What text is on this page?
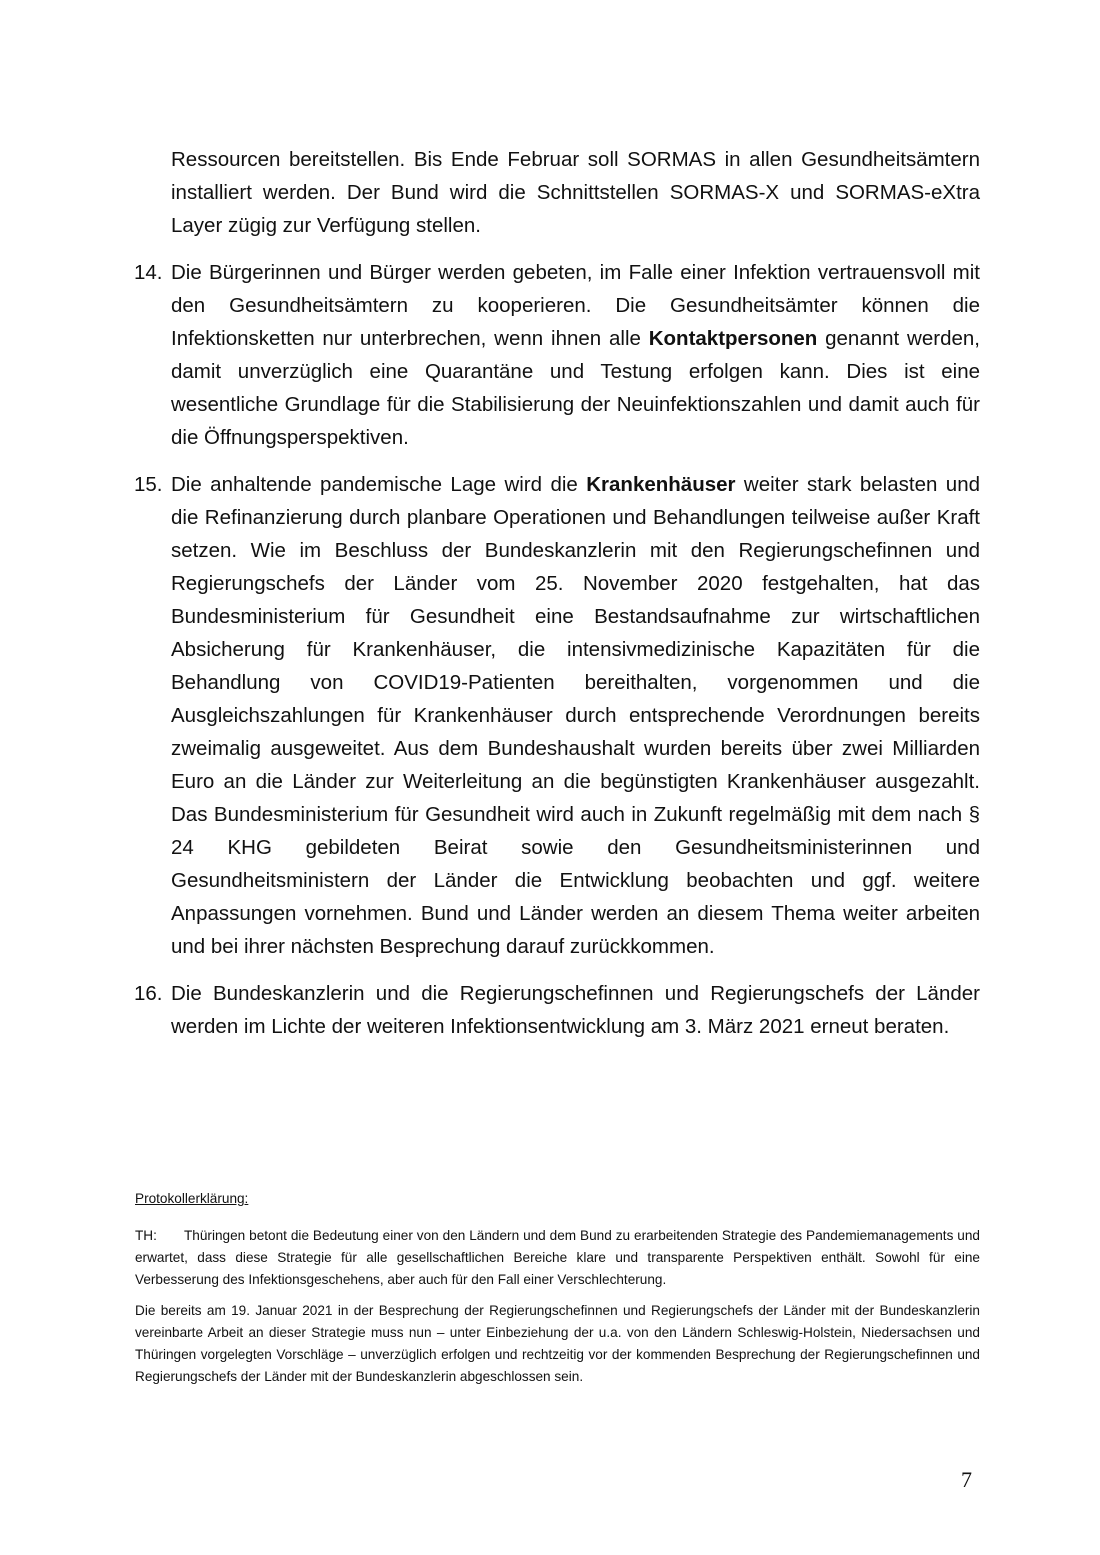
Ressourcen bereitstellen. Bis Ende Februar soll SORMAS in allen Gesundheitsämtern installiert werden. Der Bund wird die Schnittstellen SORMAS-X und SORMAS-eXtra Layer zügig zur Verfügung stellen.

14. Die Bürgerinnen und Bürger werden gebeten, im Falle einer Infektion vertrauensvoll mit den Gesundheitsämtern zu kooperieren. Die Gesundheitsämter können die Infektionsketten nur unterbrechen, wenn ihnen alle Kontaktpersonen genannt werden, damit unverzüglich eine Quarantäne und Testung erfolgen kann. Dies ist eine wesentliche Grundlage für die Stabilisierung der Neuinfektionszahlen und damit auch für die Öffnungsperspektiven.

15. Die anhaltende pandemische Lage wird die Krankenhäuser weiter stark belasten und die Refinanzierung durch planbare Operationen und Behandlungen teilweise außer Kraft setzen. Wie im Beschluss der Bundeskanzlerin mit den Regierungschefinnen und Regierungschefs der Länder vom 25. November 2020 festgehalten, hat das Bundesministerium für Gesundheit eine Bestandsaufnahme zur wirtschaftlichen Absicherung für Krankenhäuser, die intensivmedizinische Kapazitäten für die Behandlung von COVID19-Patienten bereithalten, vorgenommen und die Ausgleichszahlungen für Krankenhäuser durch entsprechende Verordnungen bereits zweimalig ausgeweitet. Aus dem Bundeshaushalt wurden bereits über zwei Milliarden Euro an die Länder zur Weiterleitung an die begünstigten Krankenhäuser ausgezahlt. Das Bundesministerium für Gesundheit wird auch in Zukunft regelmäßig mit dem nach § 24 KHG gebildeten Beirat sowie den Gesundheitsministerinnen und Gesundheitsministern der Länder die Entwicklung beobachten und ggf. weitere Anpassungen vornehmen. Bund und Länder werden an diesem Thema weiter arbeiten und bei ihrer nächsten Besprechung darauf zurückkommen.

16. Die Bundeskanzlerin und die Regierungschefinnen und Regierungschefs der Länder werden im Lichte der weiteren Infektionsentwicklung am 3. März 2021 erneut beraten.

Protokollerklärung:

TH: Thüringen betont die Bedeutung einer von den Ländern und dem Bund zu erarbeitenden Strategie des Pandemiemanagements und erwartet, dass diese Strategie für alle gesellschaftlichen Bereiche klare und transparente Perspektiven enthält. Sowohl für eine Verbesserung des Infektionsgeschehens, aber auch für den Fall einer Verschlechterung.

Die bereits am 19. Januar 2021 in der Besprechung der Regierungschefinnen und Regierungschefs der Länder mit der Bundeskanzlerin vereinbarte Arbeit an dieser Strategie muss nun – unter Einbeziehung der u.a. von den Ländern Schleswig-Holstein, Niedersachsen und Thüringen vorgelegten Vorschläge – unverzüglich erfolgen und rechtzeitig vor der kommenden Besprechung der Regierungschefinnen und Regierungschefs der Länder mit der Bundeskanzlerin abgeschlossen sein.

7
